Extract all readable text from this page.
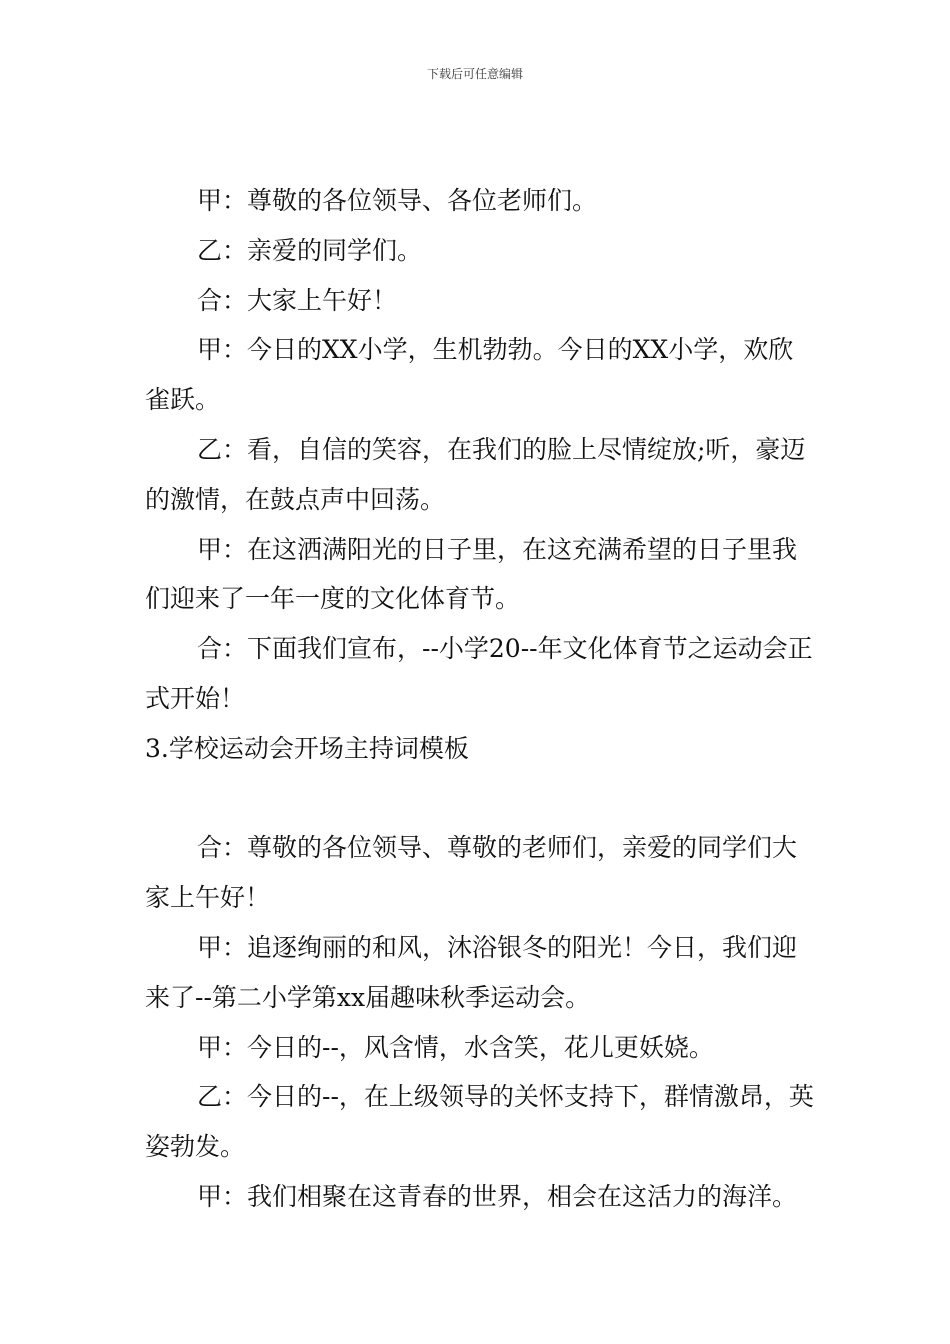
下载后可任意编辑

甲：尊敬的各位领导、各位老师们。

乙：亲爱的同学们。

合：大家上午好！

甲：今日的XX小学，生机勃勃。今日的XX小学，欢欣雀跃。

乙：看，自信的笑容，在我们的脸上尽情绽放;听，豪迈的激情，在鼓点声中回荡。

甲：在这洒满阳光的日子里，在这充满希望的日子里我们迎来了一年一度的文化体育节。

合：下面我们宣布，--小学20--年文化体育节之运动会正式开始！

3.学校运动会开场主持词模板

合：尊敬的各位领导、尊敬的老师们，亲爱的同学们大家上午好！

甲：追逐绚丽的和风，沐浴银冬的阳光！今日，我们迎来了--第二小学第xx届趣味秋季运动会。

甲：今日的--，风含情，水含笑，花儿更妖娆。

乙：今日的--，在上级领导的关怀支持下，群情激昂，英姿勃发。

甲：我们相聚在这青春的世界，相会在这活力的海洋。
